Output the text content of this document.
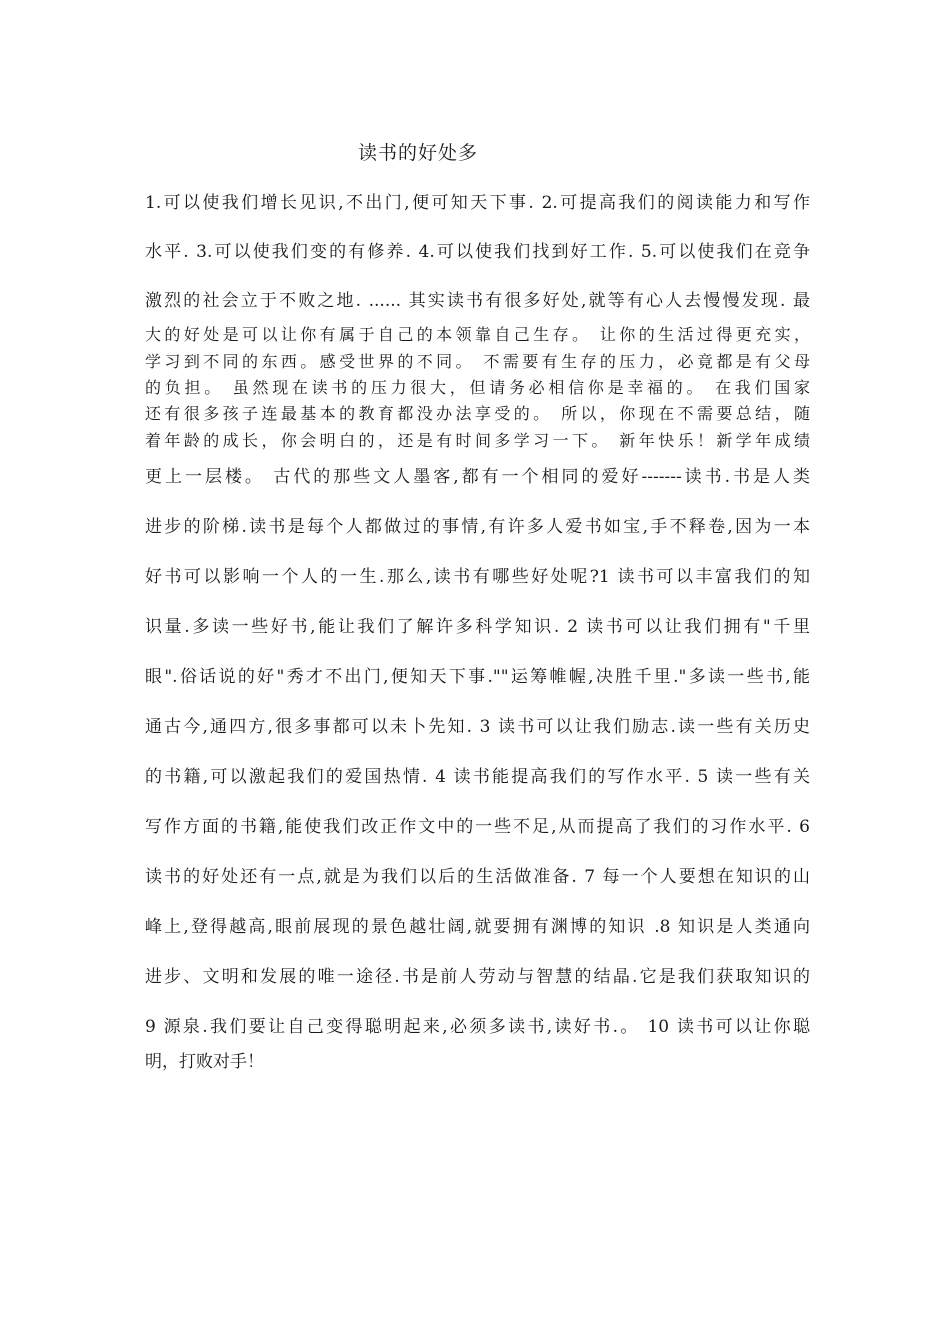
读书的好处多
1.可以使我们增长见识,不出门,便可知天下事. 2.可提高我们的阅读能力和写作
水平. 3.可以使我们变的有修养. 4.可以使我们找到好工作. 5.可以使我们在竞争
激烈的社会立于不败之地. ...... 其实读书有很多好处,就等有心人去慢慢发现. 最
大的好处是可以让你有属于自己的本领靠自己生存。 让你的生活过得更充实，
学习到不同的东西。感受世界的不同。 不需要有生存的压力，必竟都是有父母
的负担。 虽然现在读书的压力很大，但请务必相信你是幸福的。 在我们国家
还有很多孩子连最基本的教育都没办法享受的。 所以，你现在不需要总结，随
着年龄的成长，你会明白的，还是有时间多学习一下。 新年快乐！新学年成绩
更上一层楼。 古代的那些文人墨客,都有一个相同的爱好-------读书.书是人类
进步的阶梯.读书是每个人都做过的事情,有许多人爱书如宝,手不释卷,因为一本
好书可以影响一个人的一生.那么,读书有哪些好处呢?1 读书可以丰富我们的知
识量.多读一些好书,能让我们了解许多科学知识. 2 读书可以让我们拥有"千里
眼".俗话说的好"秀才不出门,便知天下事.""运筹帷幄,决胜千里."多读一些书,能
通古今,通四方,很多事都可以未卜先知. 3 读书可以让我们励志.读一些有关历史
的书籍,可以激起我们的爱国热情. 4 读书能提高我们的写作水平. 5 读一些有关
写作方面的书籍,能使我们改正作文中的一些不足,从而提高了我们的习作水平. 6
读书的好处还有一点,就是为我们以后的生活做准备. 7 每一个人要想在知识的山
峰上,登得越高,眼前展现的景色越壮阔,就要拥有渊博的知识 .8 知识是人类通向
进步、文明和发展的唯一途径.书是前人劳动与智慧的结晶.它是我们获取知识的
9 源泉.我们要让自己变得聪明起来,必须多读书,读好书.。 10 读书可以让你聪
明，打败对手！
